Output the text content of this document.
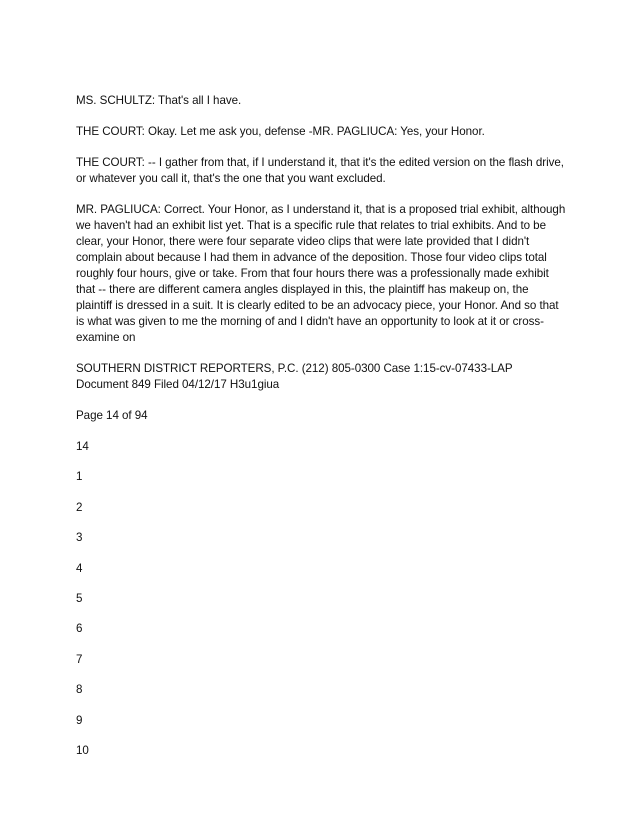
MS. SCHULTZ: That's all I have.

THE COURT: Okay. Let me ask you, defense -MR. PAGLIUCA: Yes, your Honor.

THE COURT: -- I gather from that, if I understand it, that it's the edited version on the flash drive, or whatever you call it, that's the one that you want excluded.

MR. PAGLIUCA: Correct. Your Honor, as I understand it, that is a proposed trial exhibit, although we haven't had an exhibit list yet. That is a specific rule that relates to trial exhibits. And to be clear, your Honor, there were four separate video clips that were late provided that I didn't complain about because I had them in advance of the deposition. Those four video clips total roughly four hours, give or take. From that four hours there was a professionally made exhibit that -- there are different camera angles displayed in this, the plaintiff has makeup on, the plaintiff is dressed in a suit. It is clearly edited to be an advocacy piece, your Honor. And so that is what was given to me the morning of and I didn't have an opportunity to look at it or cross-examine on

SOUTHERN DISTRICT REPORTERS, P.C. (212) 805-0300 Case 1:15-cv-07433-LAP Document 849 Filed 04/12/17 H3u1giua

Page 14 of 94

14

1

2

3

4

5

6

7

8

9

10
